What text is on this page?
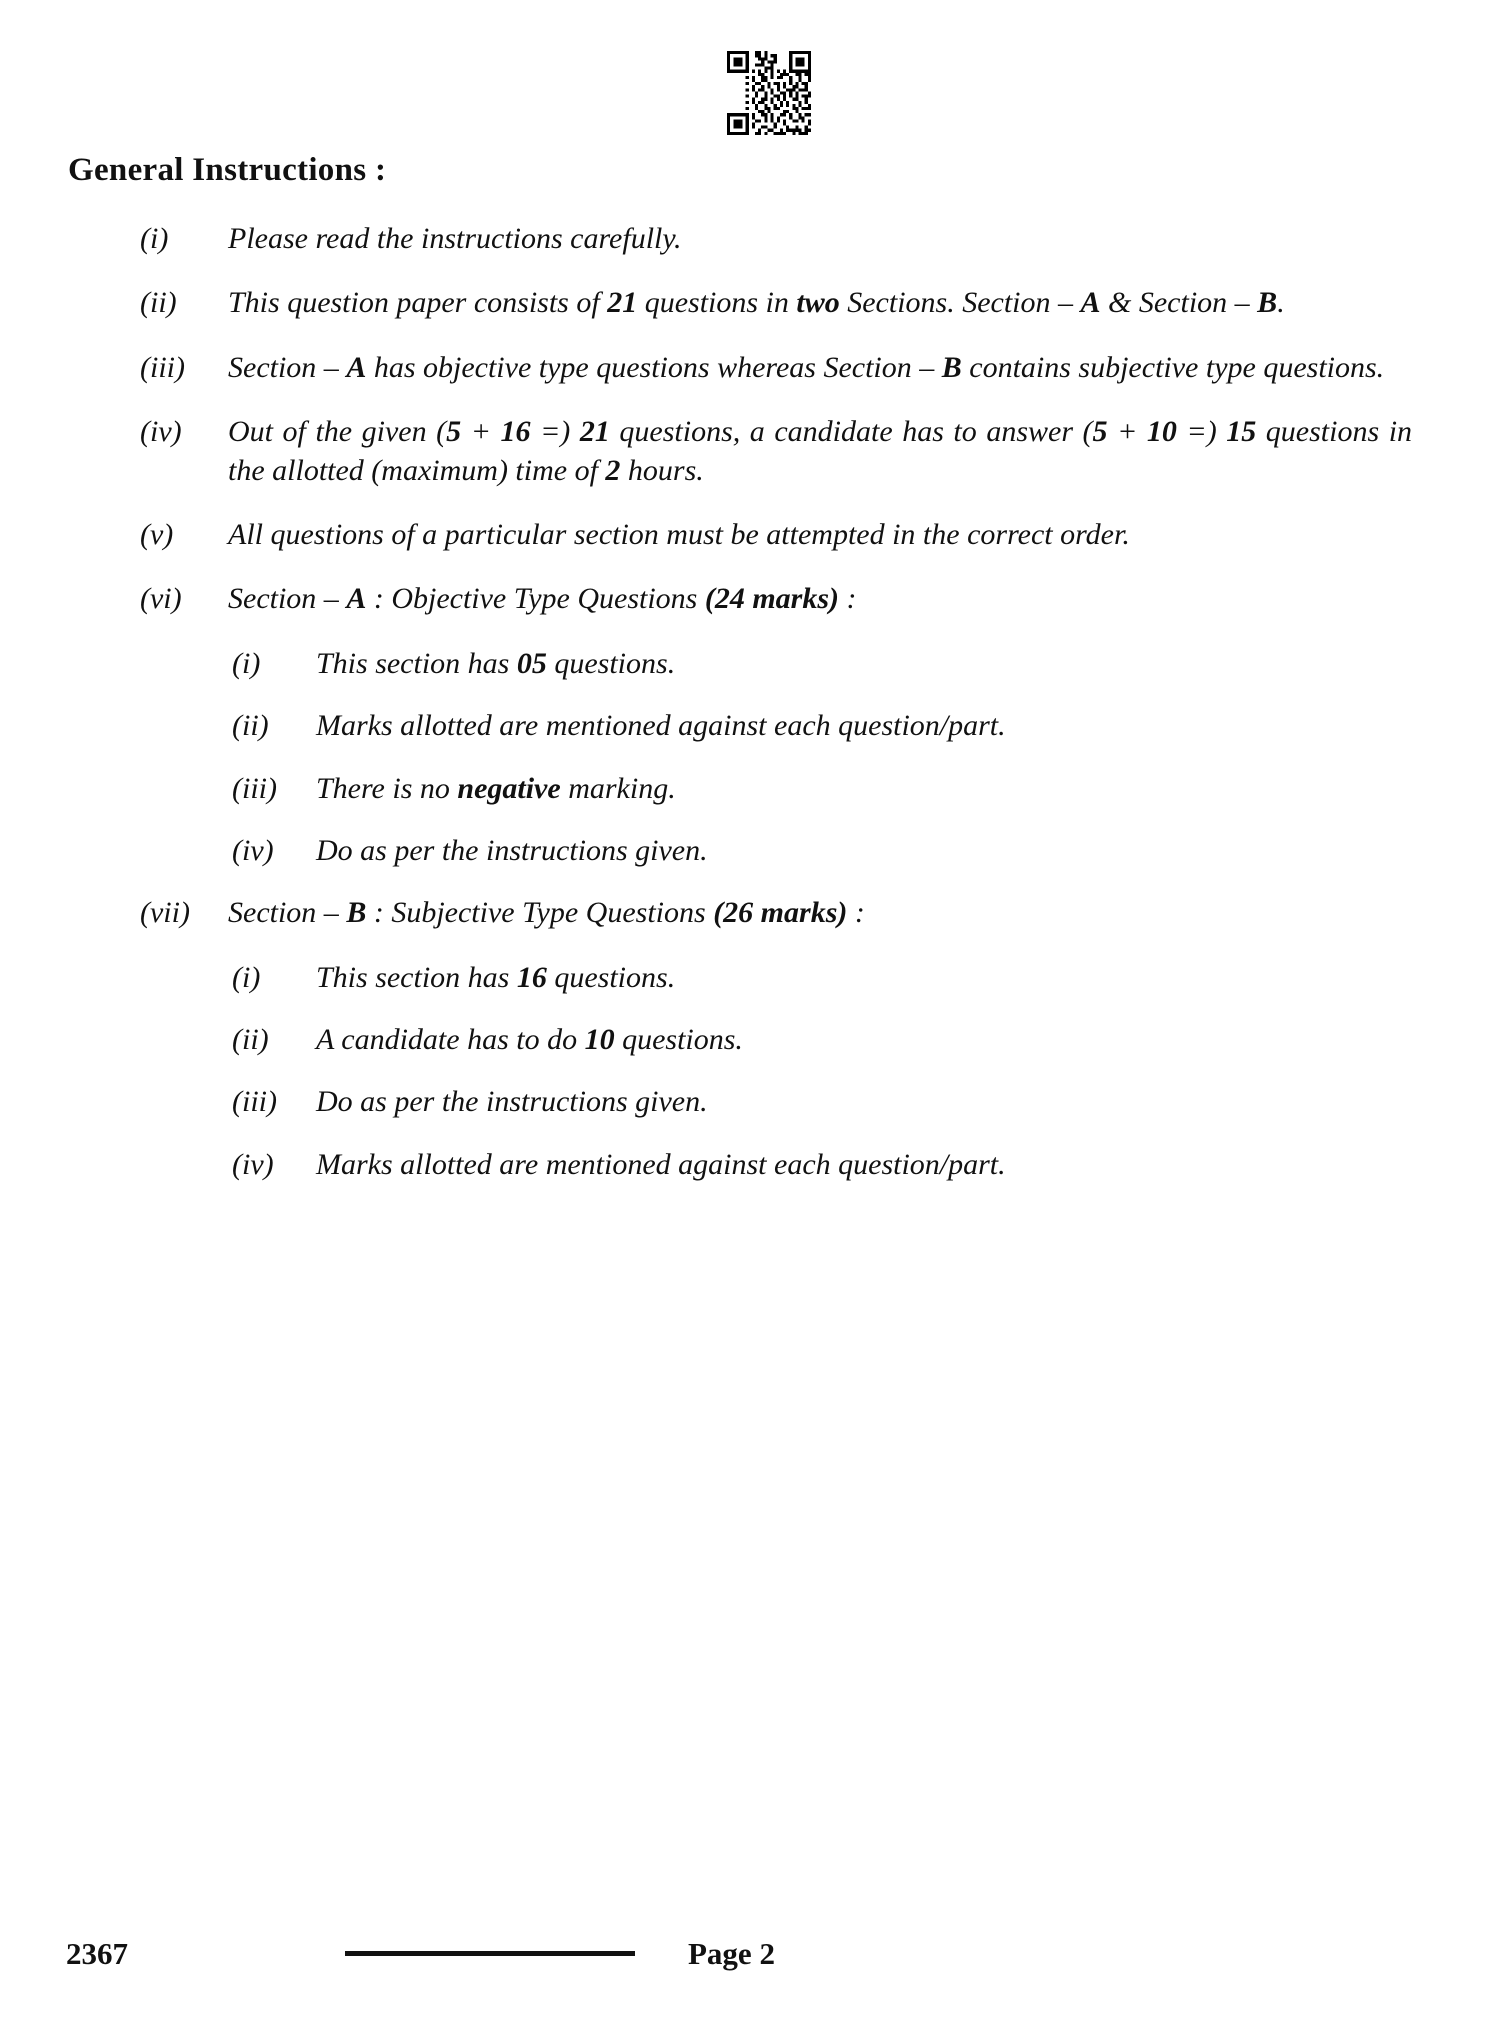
General Instructions :
(i)	Please read the instructions carefully.
(ii)	This question paper consists of 21 questions in two Sections. Section – A & Section – B.
(iii)	Section – A has objective type questions whereas Section – B contains subjective type questions.
(iv)	Out of the given (5 + 16 =) 21 questions, a candidate has to answer (5 + 10 =) 15 questions in the allotted (maximum) time of 2 hours.
(v)	All questions of a particular section must be attempted in the correct order.
(vi)	Section – A : Objective Type Questions (24 marks) :
(i)	This section has 05 questions.
(ii)	Marks allotted are mentioned against each question/part.
(iii)	There is no negative marking.
(iv)	Do as per the instructions given.
(vii)	Section – B : Subjective Type Questions (26 marks) :
(i)	This section has 16 questions.
(ii)	A candidate has to do 10 questions.
(iii)	Do as per the instructions given.
(iv)	Marks allotted are mentioned against each question/part.
2367	Page 2
